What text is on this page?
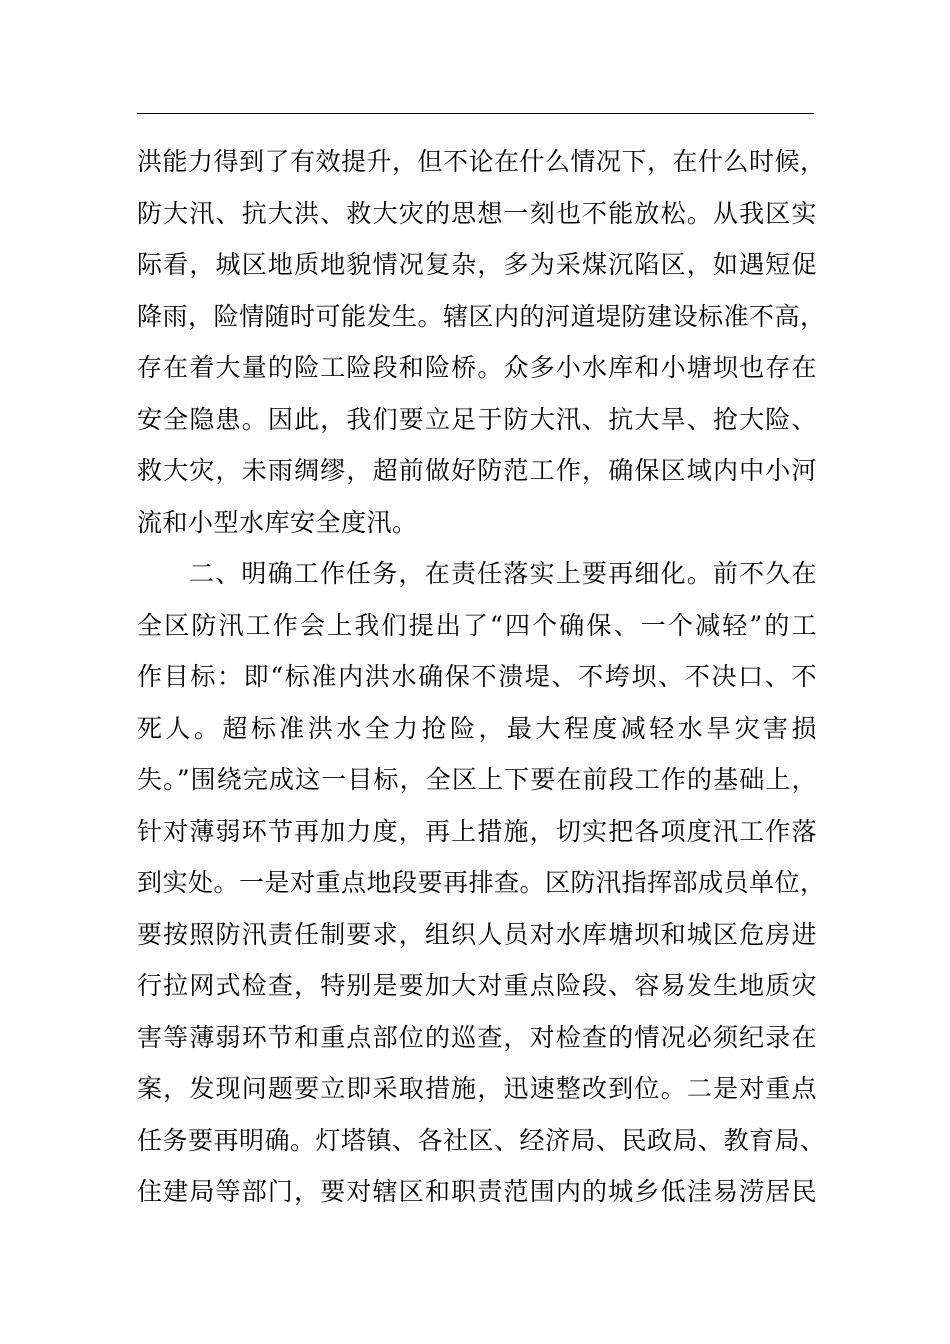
洪能力得到了有效提升，但不论在什么情况下，在什么时候，
防大汛、抗大洪、救大灾的思想一刻也不能放松。从我区实
际看，城区地质地貌情况复杂，多为采煤沉陷区，如遇短促
降雨，险情随时可能发生。辖区内的河道堤防建设标准不高，
存在着大量的险工险段和险桥。众多小水库和小塘坝也存在
安全隐患。因此，我们要立足于防大汛、抗大旱、抢大险、
救大灾，未雨绸缪，超前做好防范工作，确保区域内中小河
流和小型水库安全度汛。
二、明确工作任务，在责任落实上要再细化。前不久在
全区防汛工作会上我们提出了“四个确保、一个减轻”的工
作目标：即“标准内洪水确保不溃堤、不垮坝、不决口、不
死人。超标准洪水全力抢险，最大程度减轻水旱灾害损
失。”围绕完成这一目标，全区上下要在前段工作的基础上，
针对薄弱环节再加力度，再上措施，切实把各项度汛工作落
到实处。一是对重点地段要再排查。区防汛指挥部成员单位，
要按照防汛责任制要求，组织人员对水库塘坝和城区危房进
行拉网式检查，特别是要加大对重点险段、容易发生地质灾
害等薄弱环节和重点部位的巡查，对检查的情况必须纪录在
案，发现问题要立即采取措施，迅速整改到位。二是对重点
任务要再明确。灯塔镇、各社区、经济局、民政局、教育局、
住建局等部门，要对辖区和职责范围内的城乡低洼易涝居民
